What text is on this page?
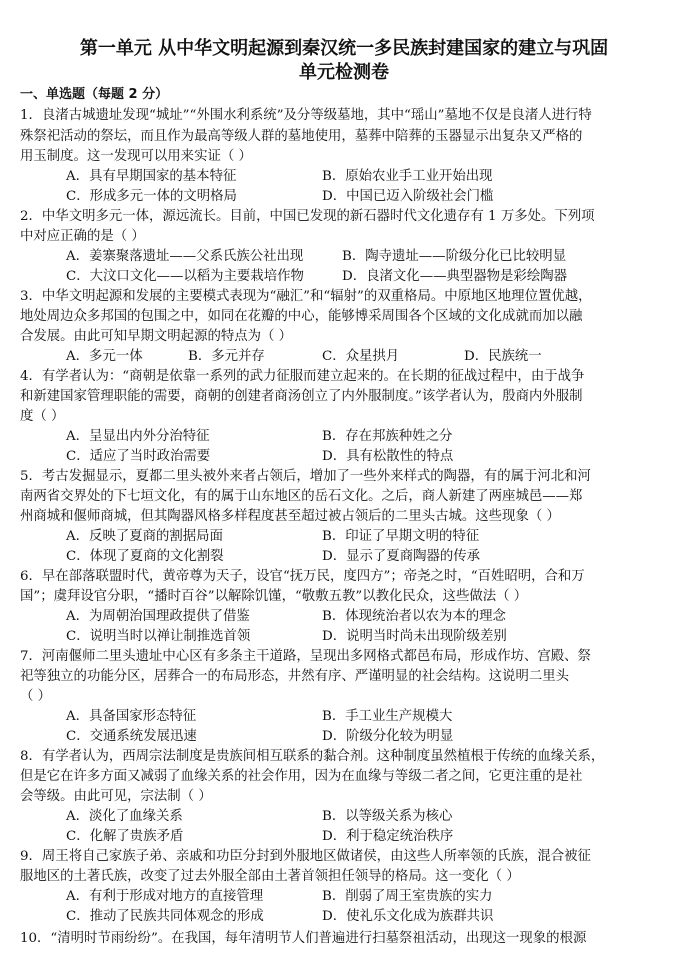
第一单元 从中华文明起源到秦汉统一多民族封建国家的建立与巩固
单元检测卷
一、单选题（每题 2 分）
1．良渚古城遗址发现“城址”“外围水利系统”及分等级墓地，其中“瑶山”墓地不仅是良渚人进行特
殊祭祀活动的祭坛，而且作为最高等级人群的墓地使用，墓葬中陪葬的玉器显示出复杂又严格的
用玉制度。这一发现可以用来实证（ ）
A．具有早期国家的基本特征	B．原始农业手工业开始出现
C．形成多元一体的文明格局	D．中国已迈入阶级社会门槛
2．中华文明多元一体，源远流长。目前，中国已发现的新石器时代文化遗存有 1 万多处。下列项
中对应正确的是（ ）
A．姜寨聚落遗址——父系氏族公社出现	B．陶寺遗址——阶级分化已比较明显
C．大汶口文化——以稻为主要栽培作物	D．良渚文化——典型器物是彩绘陶器
3．中华文明起源和发展的主要模式表现为“融汇”和“辐射”的双重格局。中原地区地理位置优越，
地处周边众多邦国的包围之中，如同在花瓣的中心，能够博采周围各个区域的文化成就而加以融
合发展。由此可知早期文明起源的特点为（ ）
A．多元一体	B．多元并存	C．众星拱月	D．民族统一
4．有学者认为：“商朝是依靠一系列的武力征服而建立起来的。在长期的征战过程中，由于战争
和新建国家管理职能的需要，商朝的创建者商汤创立了内外服制度。”该学者认为，殷商内外服制
度（ ）
A．呈显出内外分治特征	B．存在邦族种姓之分
C．适应了当时政治需要	D．具有松散性的特点
5．考古发掘显示，夏都二里头被外来者占领后，增加了一些外来样式的陶器，有的属于河北和河
南两省交界处的下七垣文化，有的属于山东地区的岳石文化。之后，商人新建了两座城邑——郑
州商城和偃师商城，但其陶器风格多样程度甚至超过被占领后的二里头古城。这些现象（ ）
A．反映了夏商的割据局面	B．印证了早期文明的特征
C．体现了夏商的文化割裂	D．显示了夏商陶器的传承
6．早在部落联盟时代，黄帝尊为天子，设官“抚万民，度四方”；帝尧之时，“百姓昭明，合和万
国”；虞拜设官分职，“播时百谷”以解除饥馑，“敬敷五教”以教化民众，这些做法（ ）
A．为周朝治国理政提供了借鉴	B．体现统治者以农为本的理念
C．说明当时以禅让制推选首领	D．说明当时尚未出现阶级差别
7．河南偃师二里头遗址中心区有多条主干道路，呈现出多网格式都邑布局，形成作坊、宫殿、祭
祀等独立的功能分区，居葬合一的布局形态，井然有序、严谨明显的社会结构。这说明二里头
（ ）
A．具备国家形态特征	B．手工业生产规模大
C．交通系统发展迅速	D．阶级分化较为明显
8．有学者认为，西周宗法制度是贵族间相互联系的黏合剂。这种制度虽然植根于传统的血缘关系，
但是它在许多方面又减弱了血缘关系的社会作用，因为在血缘与等级二者之间，它更注重的是社
会等级。由此可见，宗法制（ ）
A．淡化了血缘关系	B．以等级关系为核心
C．化解了贵族矛盾	D．利于稳定统治秩序
9．周王将自己家族子弟、亲戚和功臣分封到外服地区做诸侯，由这些人所率领的氏族，混合被征
服地区的土著氏族，改变了过去外服全部由土著首领担任领导的格局。这一变化（ ）
A．有利于形成对地方的直接管理	B．削弱了周王室贵族的实力
C．推动了民族共同体观念的形成	D．使礼乐文化成为族群共识
10．“清明时节雨纷纷”。在我国，每年清明节人们普遍进行扫墓祭祖活动，出现这一现象的根源
